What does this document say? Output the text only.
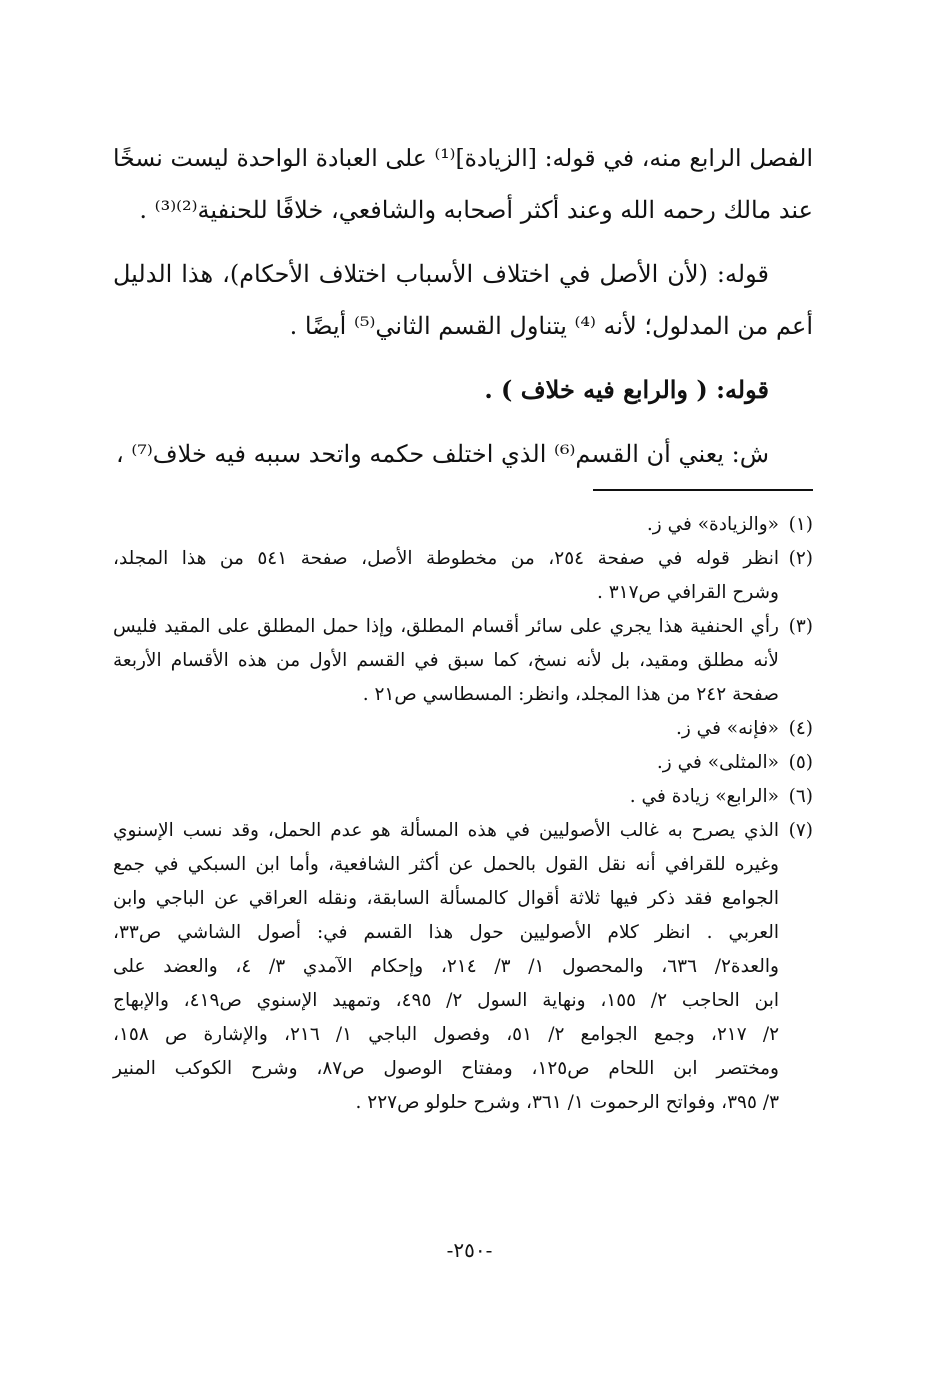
الفصل الرابع منه، في قوله: [الزيادة]⁽¹⁾ على العبادة الواحدة ليست نسخًا
عند مالك رحمه الله وعند أكثر أصحابه والشافعي، خلافًا للحنفية⁽²⁾⁽³⁾ .
قوله: (لأن الأصل في اختلاف الأسباب اختلاف الأحكام)، هذا الدليل
أعم من المدلول؛ لأنه ⁽⁴⁾ يتناول القسم الثاني⁽⁵⁾ أيضًا .
قوله: ( والرابع فيه خلاف ) .
ش: يعني أن القسم⁽⁶⁾ الذي اختلف حكمه واتحد سببه فيه خلاف⁽⁷⁾ ،
(١)
«والزيادة» في ز.
(٢)
انظر قوله في صفحة ٢٥٤، من مخطوطة الأصل، صفحة ٥٤١ من هذا المجلد،
وشرح القرافي ص٣١٧ .
(٣)
رأي الحنفية هذا يجري على سائر أقسام المطلق، وإذا حمل المطلق على المقيد فليس
لأنه مطلق ومقيد، بل لأنه نسخ، كما سبق في القسم الأول من هذه الأقسام الأربعة
صفحة ٢٤٢ من هذا المجلد، وانظر: المسطاسي ص٢١ .
(٤)
«فإنه» في ز.
(٥)
«المثلى» في ز.
(٦)
«الرابع» زيادة في .
(٧)
الذي يصرح به غالب الأصوليين في هذه المسألة هو عدم الحمل، وقد نسب الإسنوي
وغيره للقرافي أنه نقل القول بالحمل عن أكثر الشافعية، وأما ابن السبكي في جمع
الجوامع فقد ذكر فيها ثلاثة أقوال كالمسألة السابقة، ونقله العراقي عن الباجي وابن
العربي . انظر كلام الأصوليين حول هذا القسم في: أصول الشاشي ص٣٣،
والعدة٢/ ٦٣٦، والمحصول ١/ ٣/ ٢١٤، وإحكام الآمدي ٣/ ٤، والعضد على
ابن الحاجب ٢/ ١٥٥، ونهاية السول ٢/ ٤٩٥، وتمهيد الإسنوي ص٤١٩، والإبهاج
٢/ ٢١٧، وجمع الجوامع ٢/ ٥١، وفصول الباجي ١/ ٢١٦، والإشارة ص ١٥٨،
ومختصر ابن اللحام ص١٢٥، ومفتاح الوصول ص٨٧، وشرح الكوكب المنير
٣/ ٣٩٥، وفواتح الرحموت ١/ ٣٦١، وشرح حلولو ص٢٢٧ .
-٢٥٠-
